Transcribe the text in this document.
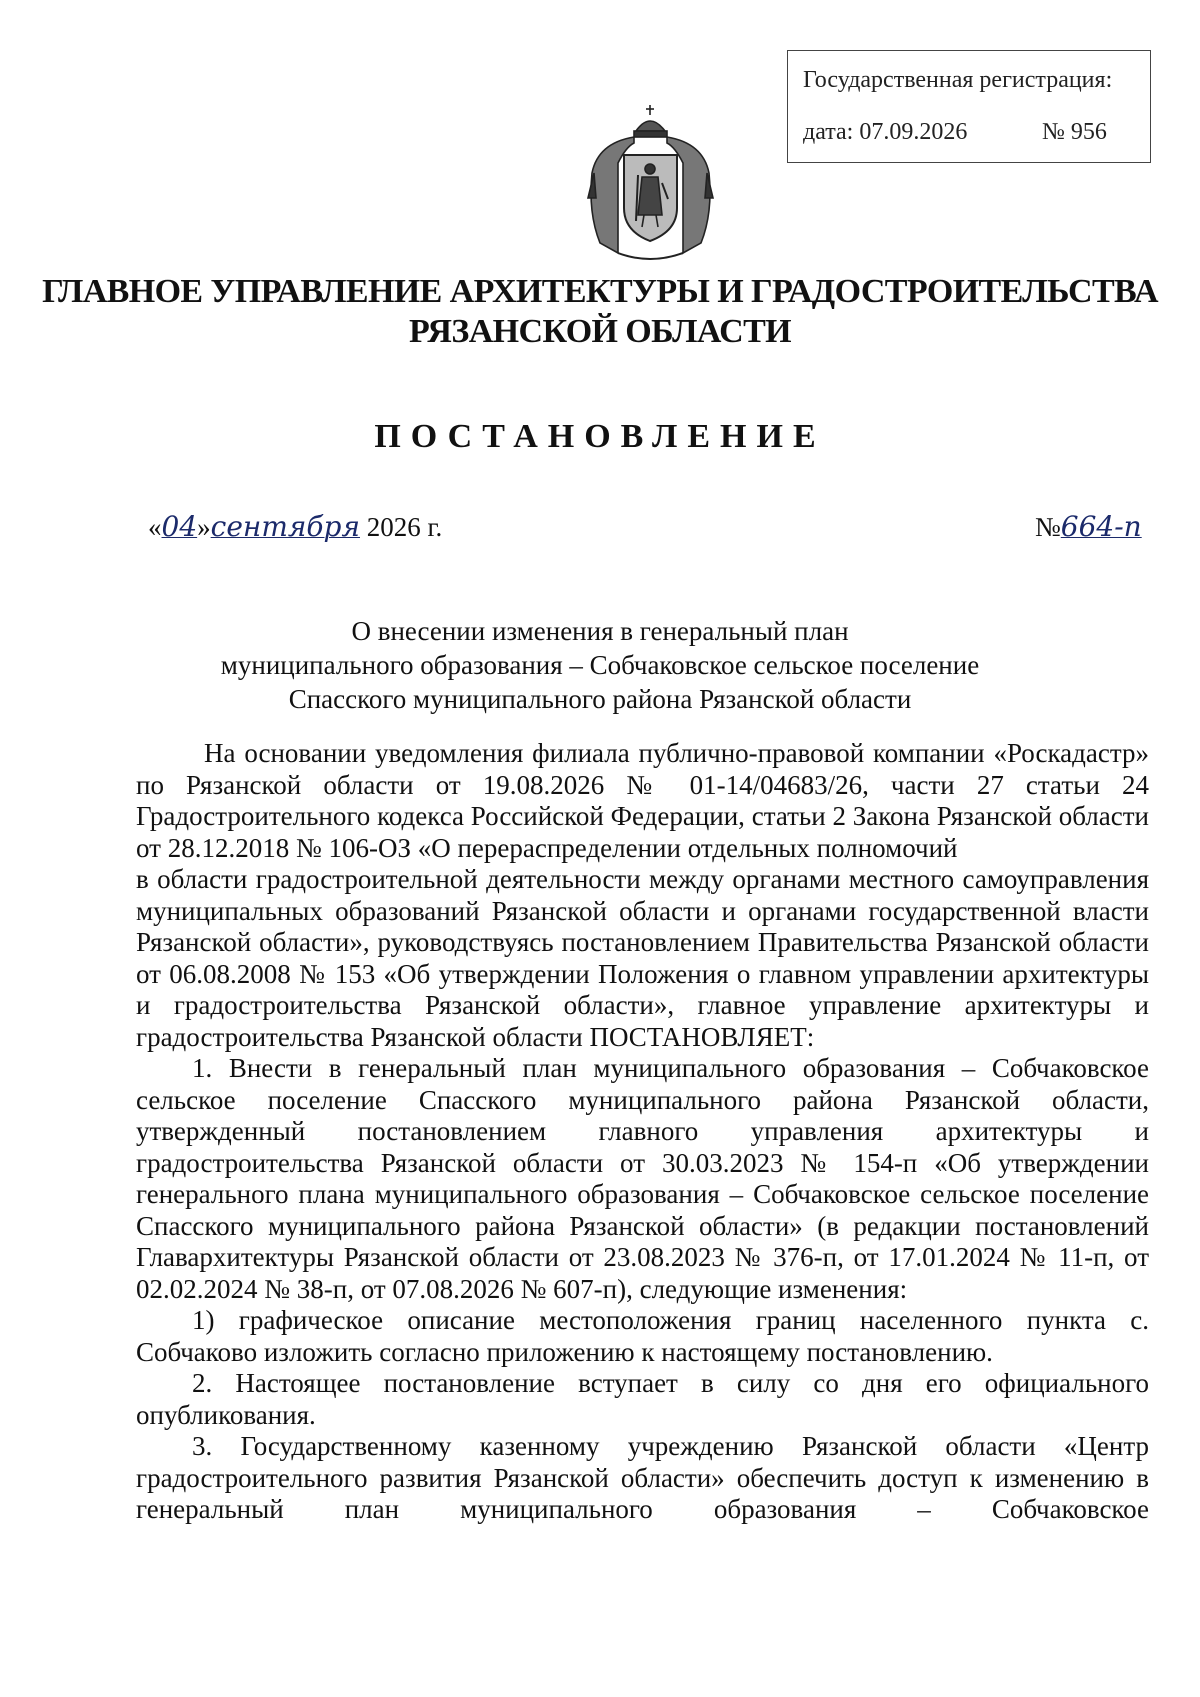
Государственная регистрация:
дата: 07.09.2026	№ 956
ГЛАВНОЕ УПРАВЛЕНИЕ АРХИТЕКТУРЫ И ГРАДОСТРОИТЕЛЬСТВА
РЯЗАНСКОЙ ОБЛАСТИ
ПОСТАНОВЛЕНИЕ
«04»сентября 2026 г.	№664-п
О внесении изменения в генеральный план
муниципального образования – Собчаковское сельское поселение
Спасского муниципального района Рязанской области

На основании уведомления филиала публично-правовой компании «Роскадастр» по Рязанской области от 19.08.2026 № 01-14/04683/26, части 27 статьи 24 Градостроительного кодекса Российской Федерации, статьи 2 Закона Рязанской области от 28.12.2018 № 106-ОЗ «О перераспределении отдельных полномочий

в области градостроительной деятельности между органами местного самоуправления муниципальных образований Рязанской области и органами государственной власти Рязанской области», руководствуясь постановлением Правительства Рязанской области от 06.08.2008 № 153 «Об утверждении Положения о главном управлении архитектуры и градостроительства Рязанской области», главное управление архитектуры и градостроительства Рязанской области ПОСТАНОВЛЯЕТ:

1. Внести в генеральный план муниципального образования – Собчаковское сельское поселение Спасского муниципального района Рязанской области, утвержденный постановлением главного управления архитектуры и градостроительства Рязанской области от 30.03.2023 № 154-п «Об утверждении генерального плана муниципального образования – Собчаковское сельское поселение Спасского муниципального района Рязанской области» (в редакции постановлений Главархитектуры Рязанской области от 23.08.2023 № 376-п, от 17.01.2024 № 11-п, от 02.02.2024 № 38-п, от 07.08.2026 № 607-п), следующие изменения:

1) графическое описание местоположения границ населенного пункта с. Собчаково изложить согласно приложению к настоящему постановлению.

2. Настоящее постановление вступает в силу со дня его официального опубликования.

3. Государственному казенному учреждению Рязанской области «Центр градостроительного развития Рязанской области» обеспечить доступ к изменению в генеральный план муниципального образования – Собчаковское
